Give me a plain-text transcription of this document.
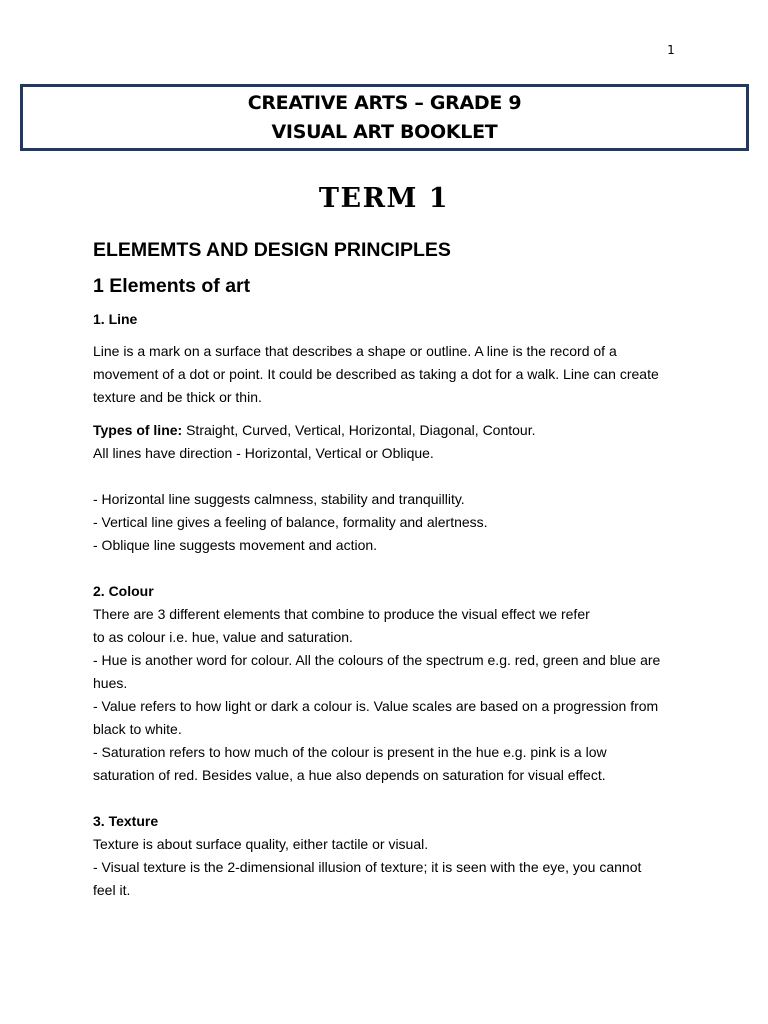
1
CREATIVE ARTS – GRADE 9
VISUAL ART BOOKLET
TERM 1
ELEMEMTS AND DESIGN PRINCIPLES
1 Elements of art
1. Line
Line is a mark on a surface that describes a shape or outline. A line is the record of a
movement of a dot or point. It could be described as taking a dot for a walk. Line can create
texture and be thick or thin.
Types of line: Straight, Curved, Vertical, Horizontal, Diagonal, Contour.
All lines have direction - Horizontal, Vertical or Oblique.
- Horizontal line suggests calmness, stability and tranquillity.
- Vertical line gives a feeling of balance, formality and alertness.
- Oblique line suggests movement and action.
2. Colour
There are 3 different elements that combine to produce the visual effect we refer
to as colour i.e. hue, value and saturation.
- Hue is another word for colour. All the colours of the spectrum e.g. red, green and blue are
hues.
- Value refers to how light or dark a colour is. Value scales are based on a progression from
black to white.
- Saturation refers to how much of the colour is present in the hue e.g. pink is a low
saturation of red. Besides value, a hue also depends on saturation for visual effect.
3. Texture
Texture is about surface quality, either tactile or visual.
- Visual texture is the 2-dimensional illusion of texture; it is seen with the eye, you cannot
feel it.
